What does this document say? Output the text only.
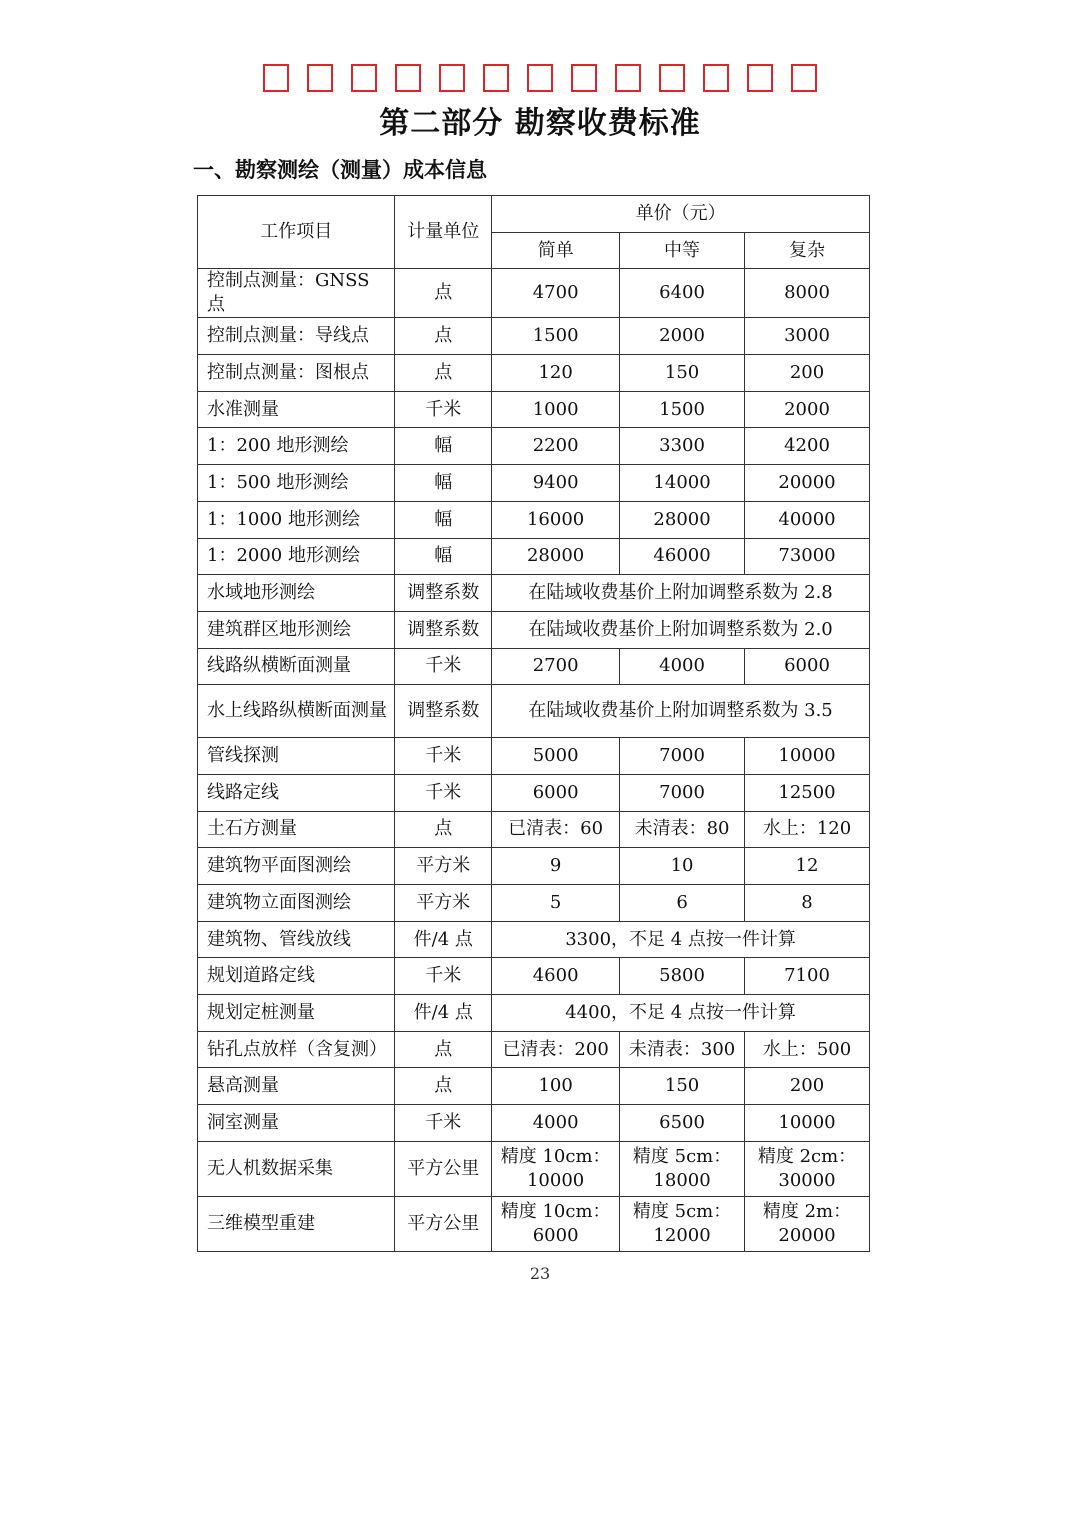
第二部分 勘察收费标准
一、勘察测绘（测量）成本信息
工作项目	计量单位	单价（元）		
		简单	中等	复杂
控制点测量：GNSS 点	点	4700	6400	8000
控制点测量：导线点	点	1500	2000	3000
控制点测量：图根点	点	120	150	200
水准测量	千米	1000	1500	2000
1：200 地形测绘	幅	2200	3300	4200
1：500 地形测绘	幅	9400	14000	20000
1：1000 地形测绘	幅	16000	28000	40000
1：2000 地形测绘	幅	28000	46000	73000
水域地形测绘	调整系数	在陆域收费基价上附加调整系数为 2.8		
建筑群区地形测绘	调整系数	在陆域收费基价上附加调整系数为 2.0		
线路纵横断面测量	千米	2700	4000	6000
水上线路纵横断面测量	调整系数	在陆域收费基价上附加调整系数为 3.5		
管线探测	千米	5000	7000	10000
线路定线	千米	6000	7000	12500
土石方测量	点	已清表：60	未清表：80	水上：120
建筑物平面图测绘	平方米	9	10	12
建筑物立面图测绘	平方米	5	6	8
建筑物、管线放线	件/4 点	3300，不足 4 点按一件计算		
规划道路定线	千米	4600	5800	7100
规划定桩测量	件/4 点	4400，不足 4 点按一件计算		
钻孔点放样（含复测）	点	已清表：200	未清表：300	水上：500
悬高测量	点	100	150	200
洞室测量	千米	4000	6500	10000
无人机数据采集	平方公里	精度 10cm：10000	精度 5cm：18000	精度 2cm：30000
三维模型重建	平方公里	精度 10cm：6000	精度 5cm：12000	精度 2m：20000
23
